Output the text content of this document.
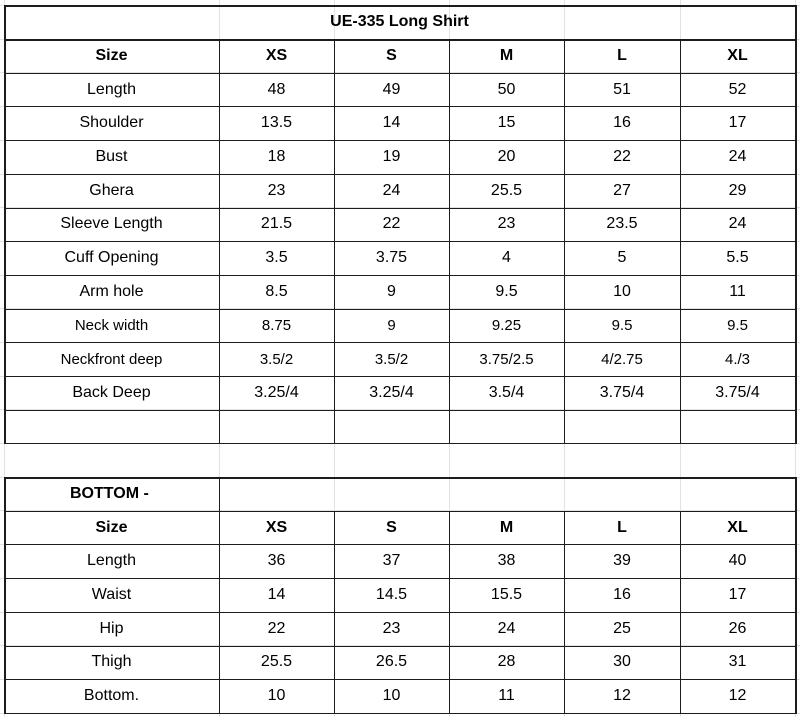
UE-335 Long Shirt
Size	XS	S	M	L	XL
Length	48	49	50	51	52
Shoulder	13.5	14	15	16	17
Bust	18	19	20	22	24
Ghera	23	24	25.5	27	29
Sleeve Length	21.5	22	23	23.5	24
Cuff Opening	3.5	3.75	4	5	5.5
Arm hole	8.5	9	9.5	10	11
Neck width	8.75	9	9.25	9.5	9.5
Neckfront deep	3.5/2	3.5/2	3.75/2.5	4/2.75	4./3
Back Deep	3.25/4	3.25/4	3.5/4	3.75/4	3.75/4
BOTTOM -
Size	XS	S	M	L	XL
Length	36	37	38	39	40
Waist	14	14.5	15.5	16	17
Hip	22	23	24	25	26
Thigh	25.5	26.5	28	30	31
Bottom.	10	10	11	12	12
